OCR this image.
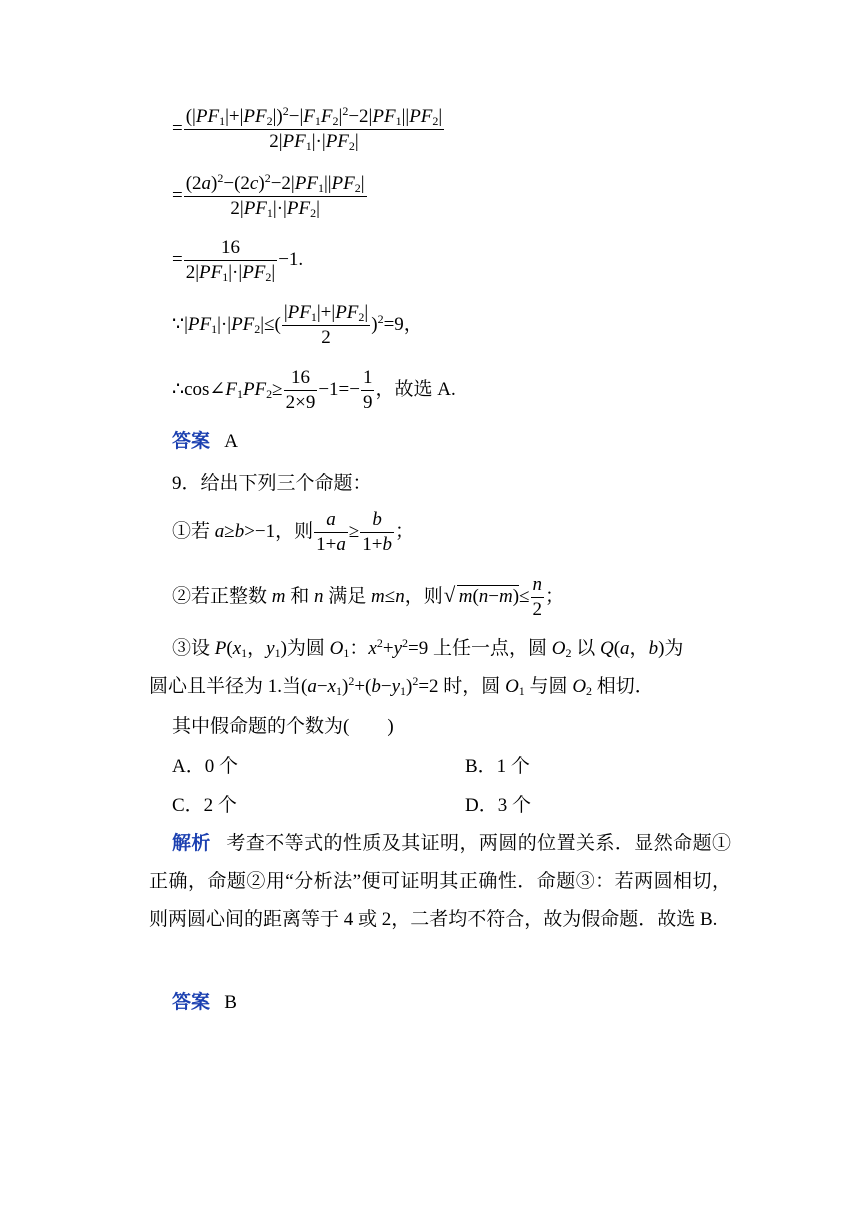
= $\frac{(|PF_1|+|PF_2|)^2-|F_1F_2|^2-2|PF_1||PF_2|}{2|PF_1|\cdot|PF_2|}$
= $\frac{(2a)^2-(2c)^2-2|PF_1||PF_2|}{2|PF_1|\cdot|PF_2|}$
= $\frac{16}{2|PF_1|\cdot|PF_2|} -1$.
$\because|PF_1|\cdot|PF_2|\le( \frac{|PF_1|+|PF_2|}{2} )^2=9$，
$\therefore\cos\angle F_1PF_2\ge \frac{16}{2\times 9} -1=- \frac{1}{9}$ ，故选 A.
答案 A
9．给出下列三个命题：
①若 a≥b>−1，则 $\frac{a}{1+a} \ge \frac{b}{1+b}$ ；
②若正整数 m 和 n 满足 m≤n，则√ $m(n-m)\le \frac{n}{2}$ ；
③设 $P(x_1$，$y_1$)为圆 $O_1$：$x^2+y^2=9$ 上任一点，圆 $O_2$ 以 Q(a，b)为
圆心且半径为 1.当$(a-x_1)^2+(b-y_1)^2=2$ 时，圆 $O_1$ 与圆 $O_2$ 相切．
其中假命题的个数为(　　)
A．0 个	B．1 个
C．2 个	D．3 个
解析 考查不等式的性质及其证明，两圆的位置关系．显然命题①正确，命题②用“分析法”便可证明其正确性．命题③：若两圆相切，则两圆心间的距离等于 4 或 2，二者均不符合，故为假命题．故选 B.
答案 B
